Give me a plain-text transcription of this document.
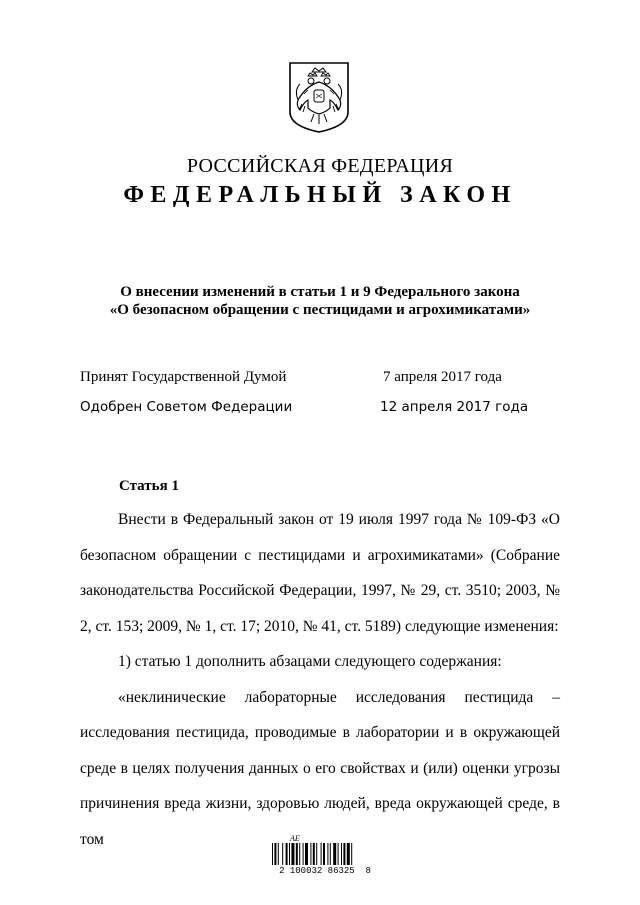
РОССИЙСКАЯ ФЕДЕРАЦИЯ
ФЕДЕРАЛЬНЫЙ ЗАКОН
О внесении изменений в статьи 1 и 9 Федерального закона
«О безопасном обращении с пестицидами и агрохимикатами»
Принят Государственной Думой	7 апреля 2017 года
Одобрен Советом Федерации	12 апреля 2017 года
Статья 1

Внести в Федеральный закон от 19 июля 1997 года № 109-ФЗ «О безопасном обращении с пестицидами и агрохимикатами» (Собрание законодательства Российской Федерации, 1997, № 29, ст. 3510; 2003, № 2, ст. 153; 2009, № 1, ст. 17; 2010, № 41, ст. 5189) следующие изменения:

1) статью 1 дополнить абзацами следующего содержания:

«неклинические лабораторные исследования пестицида – исследования пестицида, проводимые в лаборатории и в окружающей среде в целях получения данных о его свойствах и (или) оценки угрозы причинения вреда жизни, здоровью людей, вреда окружающей среде, в том	АЕ
2 100032 86325  8
